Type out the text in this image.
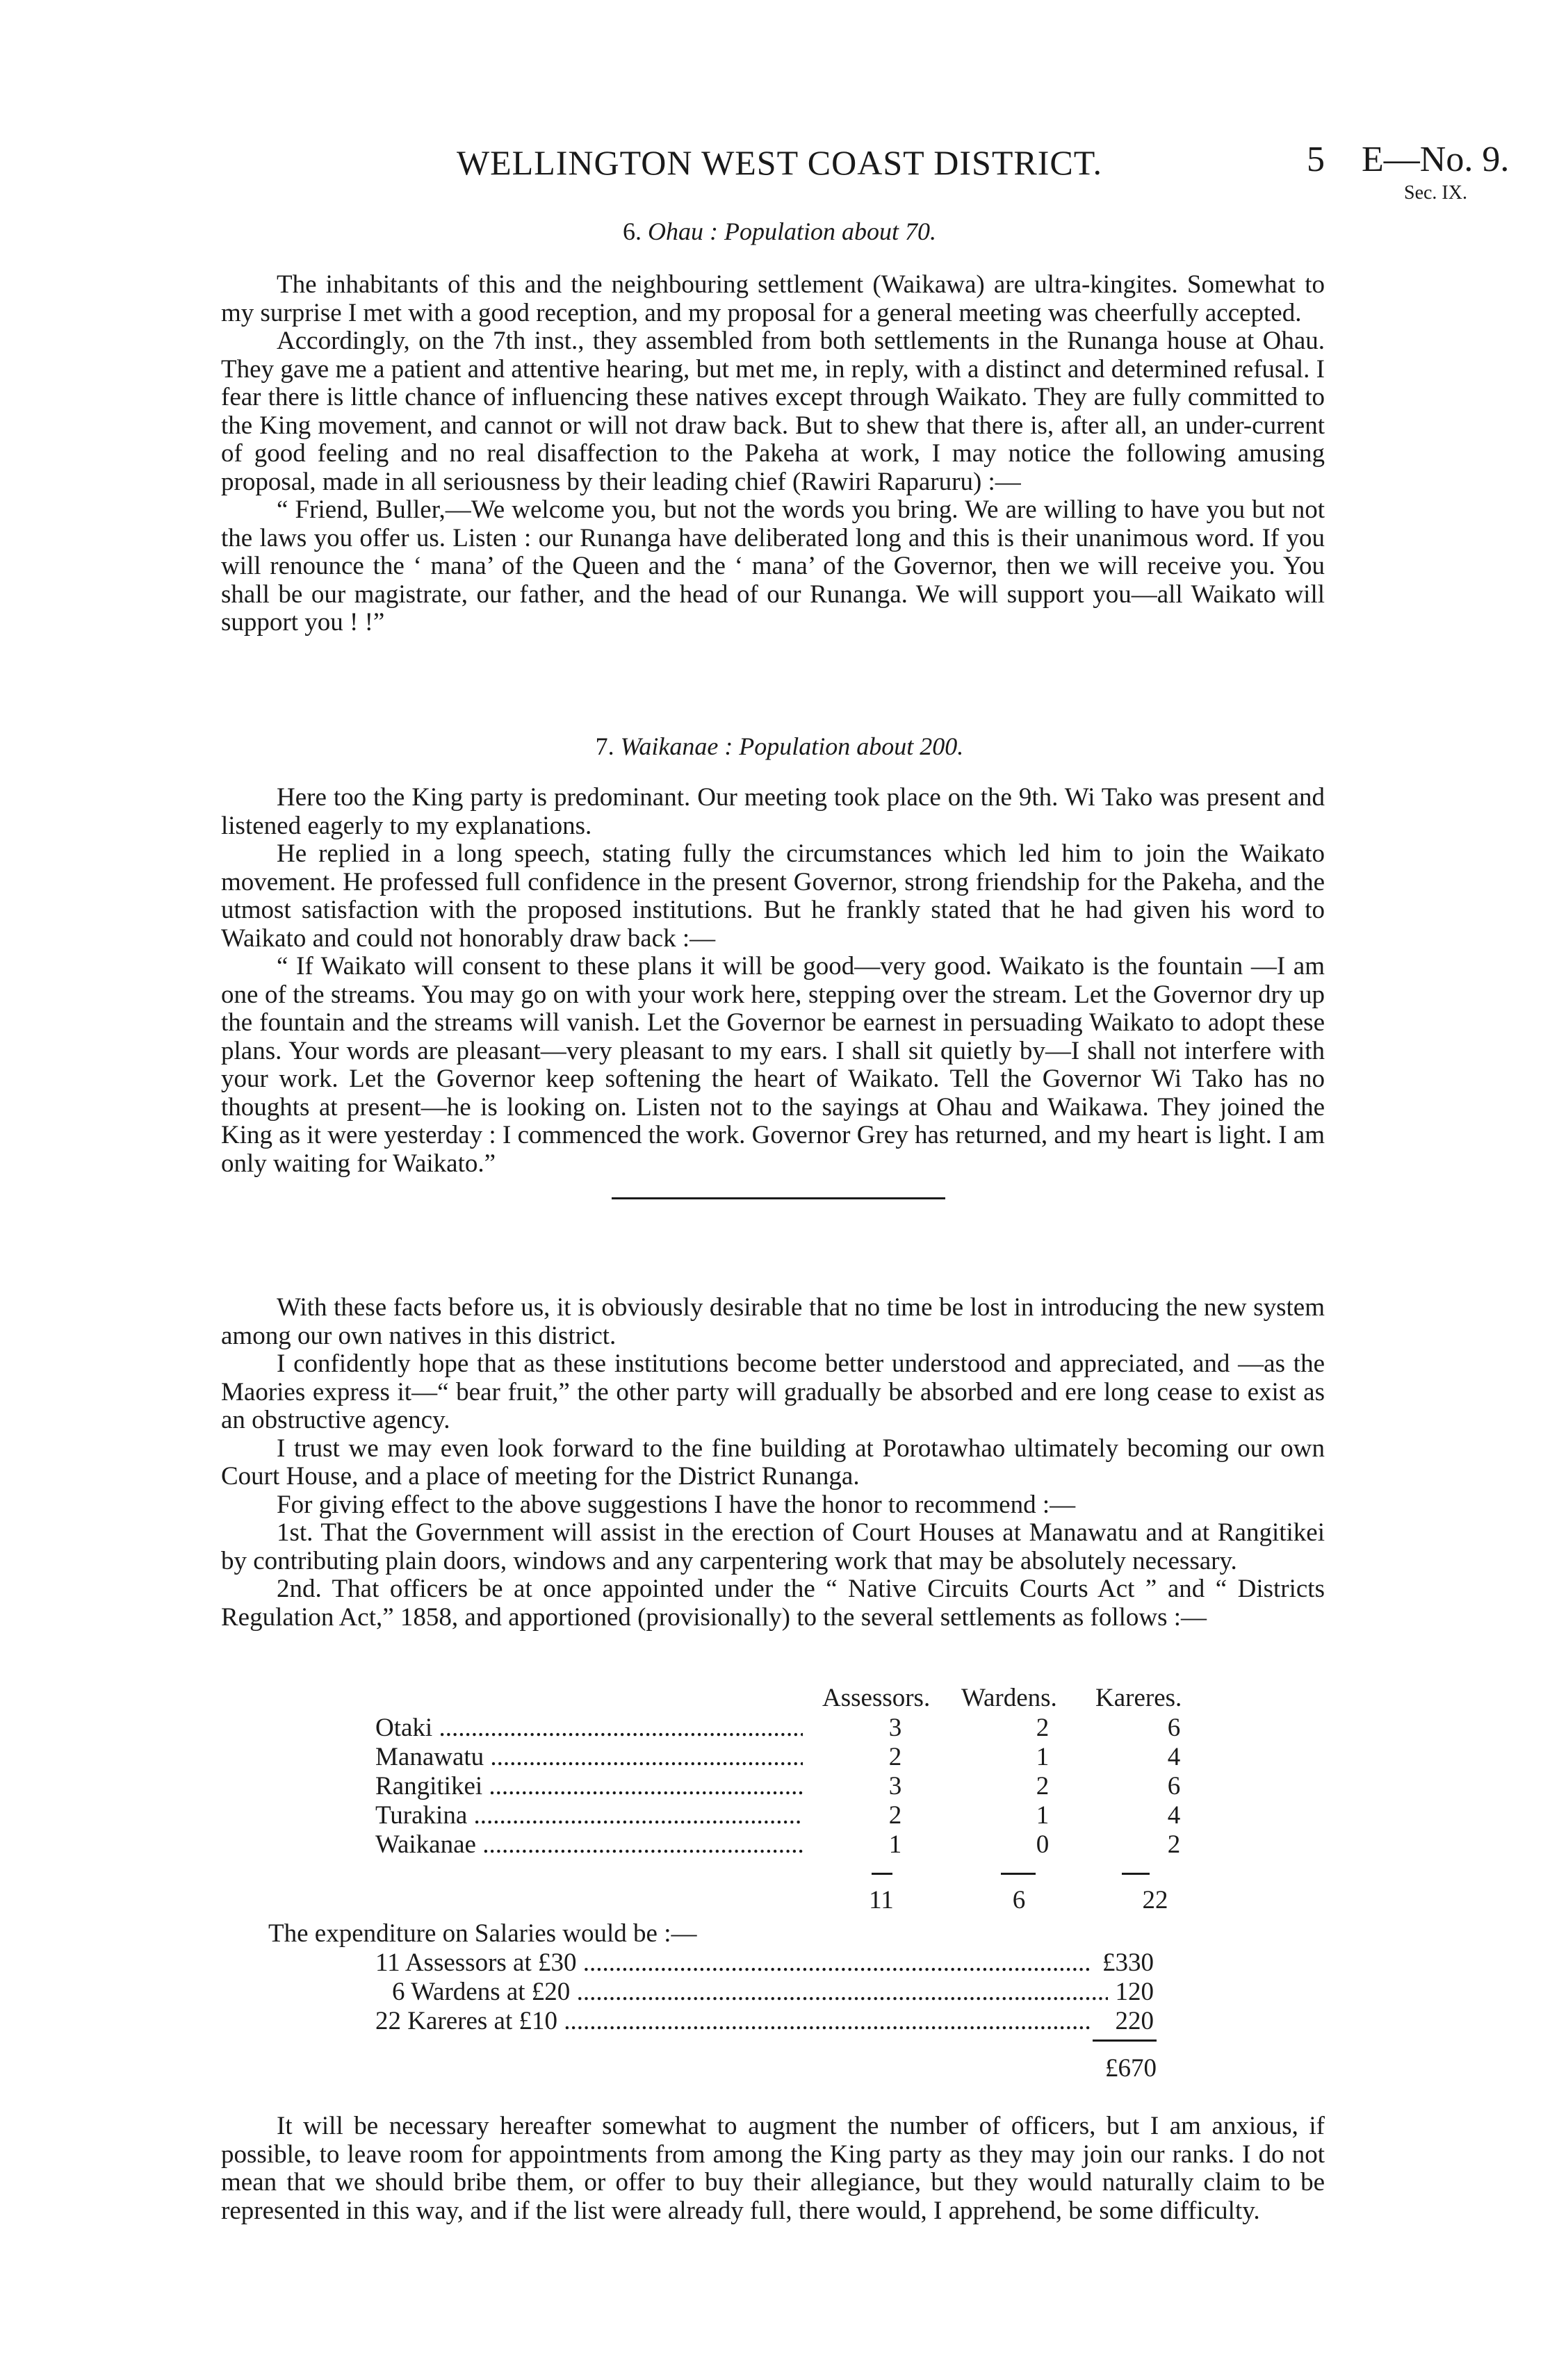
WELLINGTON WEST COAST DISTRICT.	5 E—No. 9.
Sec. IX.
6. Ohau : Population about 70.

The inhabitants of this and the neighbouring settlement (Waikawa) are ultra-kingites. Somewhat to my surprise I met with a good reception, and my proposal for a general meeting was cheerfully accepted.

Accordingly, on the 7th inst., they assembled from both settlements in the Runanga house at Ohau. They gave me a patient and attentive hearing, but met me, in reply, with a distinct and determined refusal. I fear there is little chance of influencing these natives except through Waikato. They are fully committed to the King movement, and cannot or will not draw back. But to shew that there is, after all, an under-current of good feeling and no real disaffection to the Pakeha at work, I may notice the following amusing proposal, made in all seriousness by their leading chief (Rawiri Raparuru) :—

“ Friend, Buller,—We welcome you, but not the words you bring. We are willing to have you but not the laws you offer us. Listen : our Runanga have deliberated long and this is their unanimous word. If you will renounce the ‘ mana’ of the Queen and the ‘ mana’ of the Governor, then we will receive you. You shall be our magistrate, our father, and the head of our Runanga. We will support you—all Waikato will support you ! !”

7. Waikanae : Population about 200.

Here too the King party is predominant. Our meeting took place on the 9th. Wi Tako was present and listened eagerly to my explanations.

He replied in a long speech, stating fully the circumstances which led him to join the Waikato movement. He professed full confidence in the present Governor, strong friendship for the Pakeha, and the utmost satisfaction with the proposed institutions. But he frankly stated that he had given his word to Waikato and could not honorably draw back :—

“ If Waikato will consent to these plans it will be good—very good. Waikato is the fountain —I am one of the streams. You may go on with your work here, stepping over the stream. Let the Governor dry up the fountain and the streams will vanish. Let the Governor be earnest in persuading Waikato to adopt these plans. Your words are pleasant—very pleasant to my ears. I shall sit quietly by—I shall not interfere with your work. Let the Governor keep softening the heart of Waikato. Tell the Governor Wi Tako has no thoughts at present—he is looking on. Listen not to the sayings at Ohau and Waikawa. They joined the King as it were yesterday : I commenced the work. Governor Grey has returned, and my heart is light. I am only waiting for Waikato.”

With these facts before us, it is obviously desirable that no time be lost in introducing the new system among our own natives in this district.

I confidently hope that as these institutions become better understood and appreciated, and —as the Maories express it—“ bear fruit,” the other party will gradually be absorbed and ere long cease to exist as an obstructive agency.

I trust we may even look forward to the fine building at Porotawhao ultimately becoming our own Court House, and a place of meeting for the District Runanga.

For giving effect to the above suggestions I have the honor to recommend :—

1st. That the Government will assist in the erection of Court Houses at Manawatu and at Rangitikei by contributing plain doors, windows and any carpentering work that may be absolutely necessary.

2nd. That officers be at once appointed under the “ Native Circuits Courts Act ” and “ Districts Regulation Act,” 1858, and apportioned (provisionally) to the several settlements as follows :—

Assessors. Wardens. Kareres.
Otaki .....	3	2	6
Manawatu .....	2	1	4
Rangitikei .....	3	2	6
Turakina .....	2	1	4
Waikanae .....	1	0	2
11	6	22
The expenditure on Salaries would be :—
11 Assessors at £30 .....	£330
6 Wardens at £20 .....	120
22 Kareres at £10 .....	220
£670

It will be necessary hereafter somewhat to augment the number of officers, but I am anxious, if possible, to leave room for appointments from among the King party as they may join our ranks. I do not mean that we should bribe them, or offer to buy their allegiance, but they would naturally claim to be represented in this way, and if the list were already full, there would, I apprehend, be some difficulty.
